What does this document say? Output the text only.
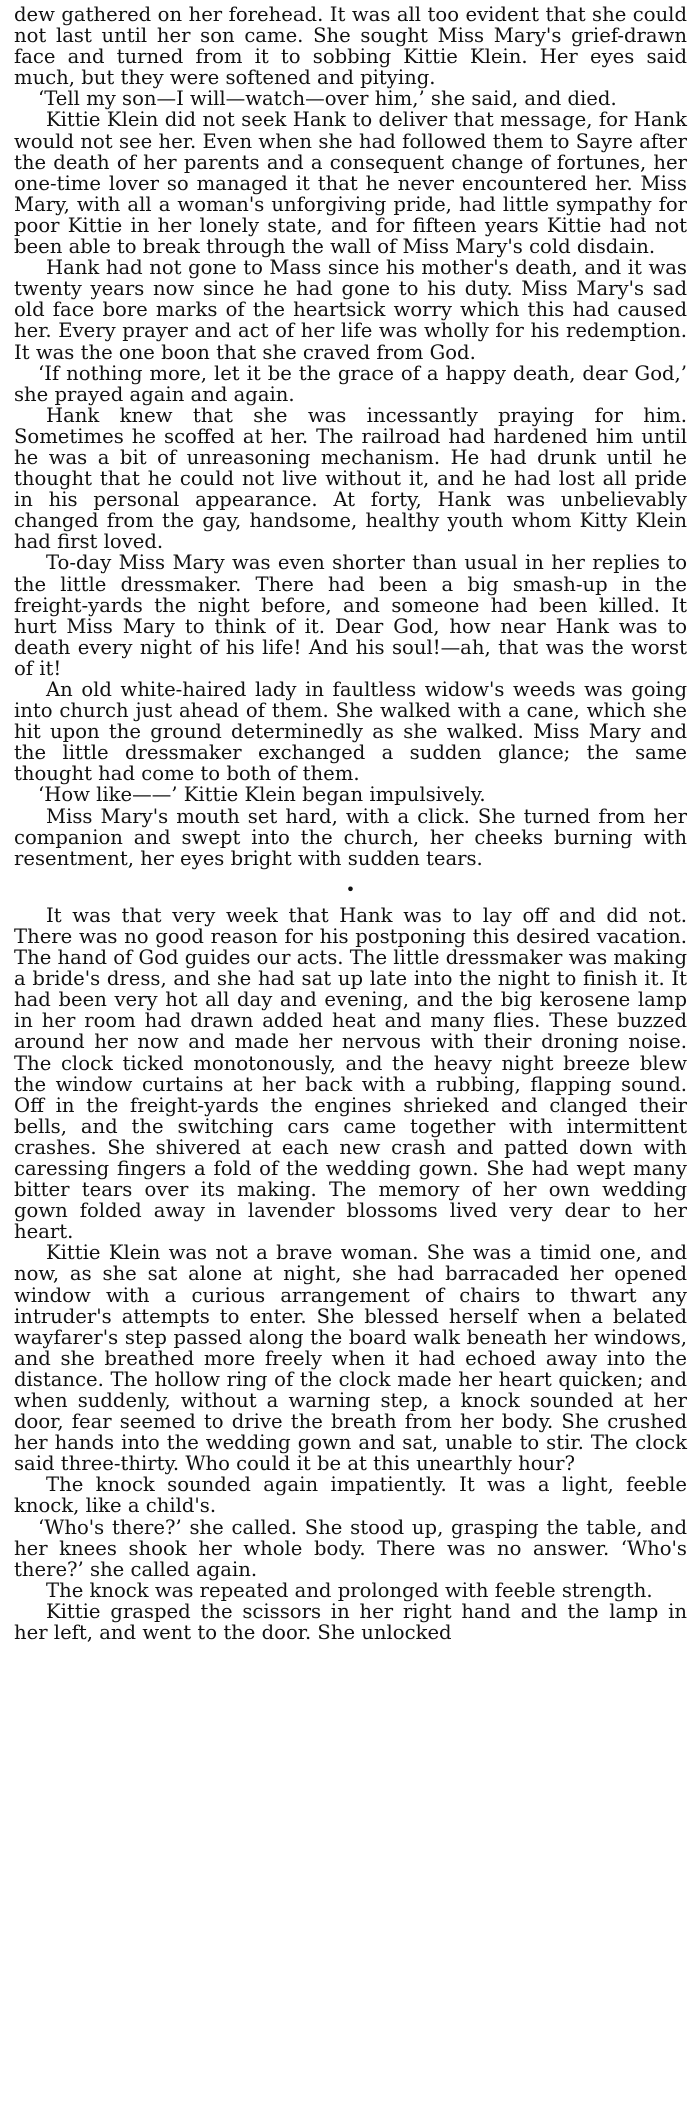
dew gathered on her forehead. It was all too evident that she could not last until her son came. She sought Miss Mary's grief-drawn face and turned from it to sobbing Kittie Klein. Her eyes said much, but they were softened and pitying.

‘Tell my son—I will—watch—over him,’ she said, and died.

Kittie Klein did not seek Hank to deliver that message, for Hank would not see her. Even when she had followed them to Sayre after the death of her parents and a consequent change of fortunes, her one-time lover so managed it that he never encountered her. Miss Mary, with all a woman's unforgiving pride, had little sympathy for poor Kittie in her lonely state, and for fifteen years Kittie had not been able to break through the wall of Miss Mary's cold disdain.

Hank had not gone to Mass since his mother's death, and it was twenty years now since he had gone to his duty. Miss Mary's sad old face bore marks of the heartsick worry which this had caused her. Every prayer and act of her life was wholly for his redemption. It was the one boon that she craved from God.

‘If nothing more, let it be the grace of a happy death, dear God,’ she prayed again and again.

Hank knew that she was incessantly praying for him. Sometimes he scoffed at her. The railroad had hardened him until he was a bit of unreasoning mechanism. He had drunk until he thought that he could not live without it, and he had lost all pride in his personal appearance. At forty, Hank was unbelievably changed from the gay, handsome, healthy youth whom Kitty Klein had first loved.

To-day Miss Mary was even shorter than usual in her replies to the little dressmaker. There had been a big smash-up in the freight-yards the night before, and someone had been killed. It hurt Miss Mary to think of it. Dear God, how near Hank was to death every night of his life! And his soul!—ah, that was the worst of it!

An old white-haired lady in faultless widow's weeds was going into church just ahead of them. She walked with a cane, which she hit upon the ground determinedly as she walked. Miss Mary and the little dressmaker exchanged a sudden glance; the same thought had come to both of them.

‘How like——’ Kittie Klein began impulsively.

Miss Mary's mouth set hard, with a click. She turned from her companion and swept into the church, her cheeks burning with resentment, her eyes bright with sudden tears.

•

It was that very week that Hank was to lay off and did not. There was no good reason for his postponing this desired vacation. The hand of God guides our acts. The little dressmaker was making a bride's dress, and she had sat up late into the night to finish it. It had been very hot all day and evening, and the big kerosene lamp in her room had drawn added heat and many flies. These buzzed around her now and made her nervous with their droning noise. The clock ticked monotonously, and the heavy night breeze blew the window curtains at her back with a rubbing, flapping sound. Off in the freight-yards the engines shrieked and clanged their bells, and the switching cars came together with intermittent crashes. She shivered at each new crash and patted down with caressing fingers a fold of the wedding gown. She had wept many bitter tears over its making. The memory of her own wedding gown folded away in lavender blossoms lived very dear to her heart.

Kittie Klein was not a brave woman. She was a timid one, and now, as she sat alone at night, she had barracaded her opened window with a curious arrangement of chairs to thwart any intruder's attempts to enter. She blessed herself when a belated wayfarer's step passed along the board walk beneath her windows, and she breathed more freely when it had echoed away into the distance. The hollow ring of the clock made her heart quicken; and when suddenly, without a warning step, a knock sounded at her door, fear seemed to drive the breath from her body. She crushed her hands into the wedding gown and sat, unable to stir. The clock said three-thirty. Who could it be at this unearthly hour?

The knock sounded again impatiently. It was a light, feeble knock, like a child's.

‘Who's there?’ she called. She stood up, grasping the table, and her knees shook her whole body. There was no answer. ‘Who's there?’ she called again.

The knock was repeated and prolonged with feeble strength.

Kittie grasped the scissors in her right hand and the lamp in her left, and went to the door. She unlocked
